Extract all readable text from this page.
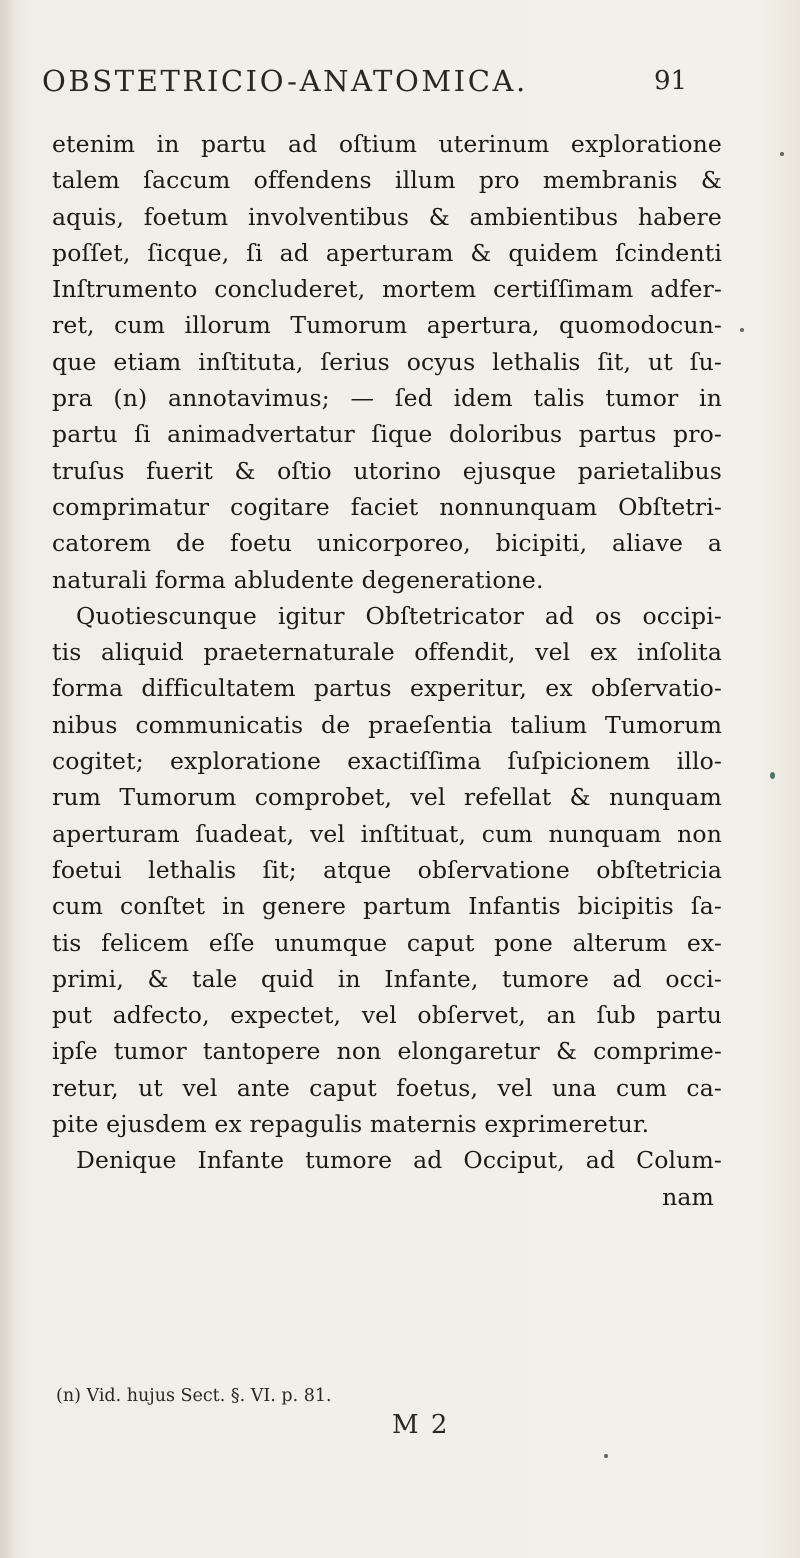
OBSTETRICIO-ANATOMICA.	91
etenim in partu ad oſtium uterinum exploratione
talem ſaccum offendens illum pro membranis &
aquis, foetum involventibus & ambientibus habere
poſſet, ſicque, ſi ad aperturam & quidem ſcindenti
Inſtrumento concluderet, mortem certiſſimam adfer-
ret, cum illorum Tumorum apertura, quomodocun-
que etiam inſtituta, ſerius ocyus lethalis ſit, ut ſu-
pra (n) annotavimus; — ſed idem talis tumor in
partu ſi animadvertatur ſique doloribus partus pro-
truſus fuerit & oſtio utorino ejusque parietalibus
comprimatur cogitare faciet nonnunquam Obſtetri-
catorem de foetu unicorporeo, bicipiti, aliave a
naturali forma abludente degeneratione.
Quotiescunque igitur Obſtetricator ad os occipi-
tis aliquid praeternaturale offendit, vel ex inſolita
forma difficultatem partus experitur, ex obſervatio-
nibus communicatis de praeſentia talium Tumorum
cogitet; exploratione exactiſſima ſuſpicionem illo-
rum Tumorum comprobet, vel refellat & nunquam
aperturam ſuadeat, vel inſtituat, cum nunquam non
foetui lethalis ſit; atque obſervatione obſtetricia
cum conſtet in genere partum Infantis bicipitis ſa-
tis felicem eſſe unumque caput pone alterum ex-
primi, & tale quid in Infante, tumore ad occi-
put adfecto, expectet, vel obſervet, an ſub partu
ipſe tumor tantopere non elongaretur & comprime-
retur, ut vel ante caput foetus, vel una cum ca-
pite ejusdem ex repagulis maternis exprimeretur.
Denique Infante tumore ad Occiput, ad Colum-
nam
(n) Vid. hujus Sect. §. VI. p. 81.
M 2
